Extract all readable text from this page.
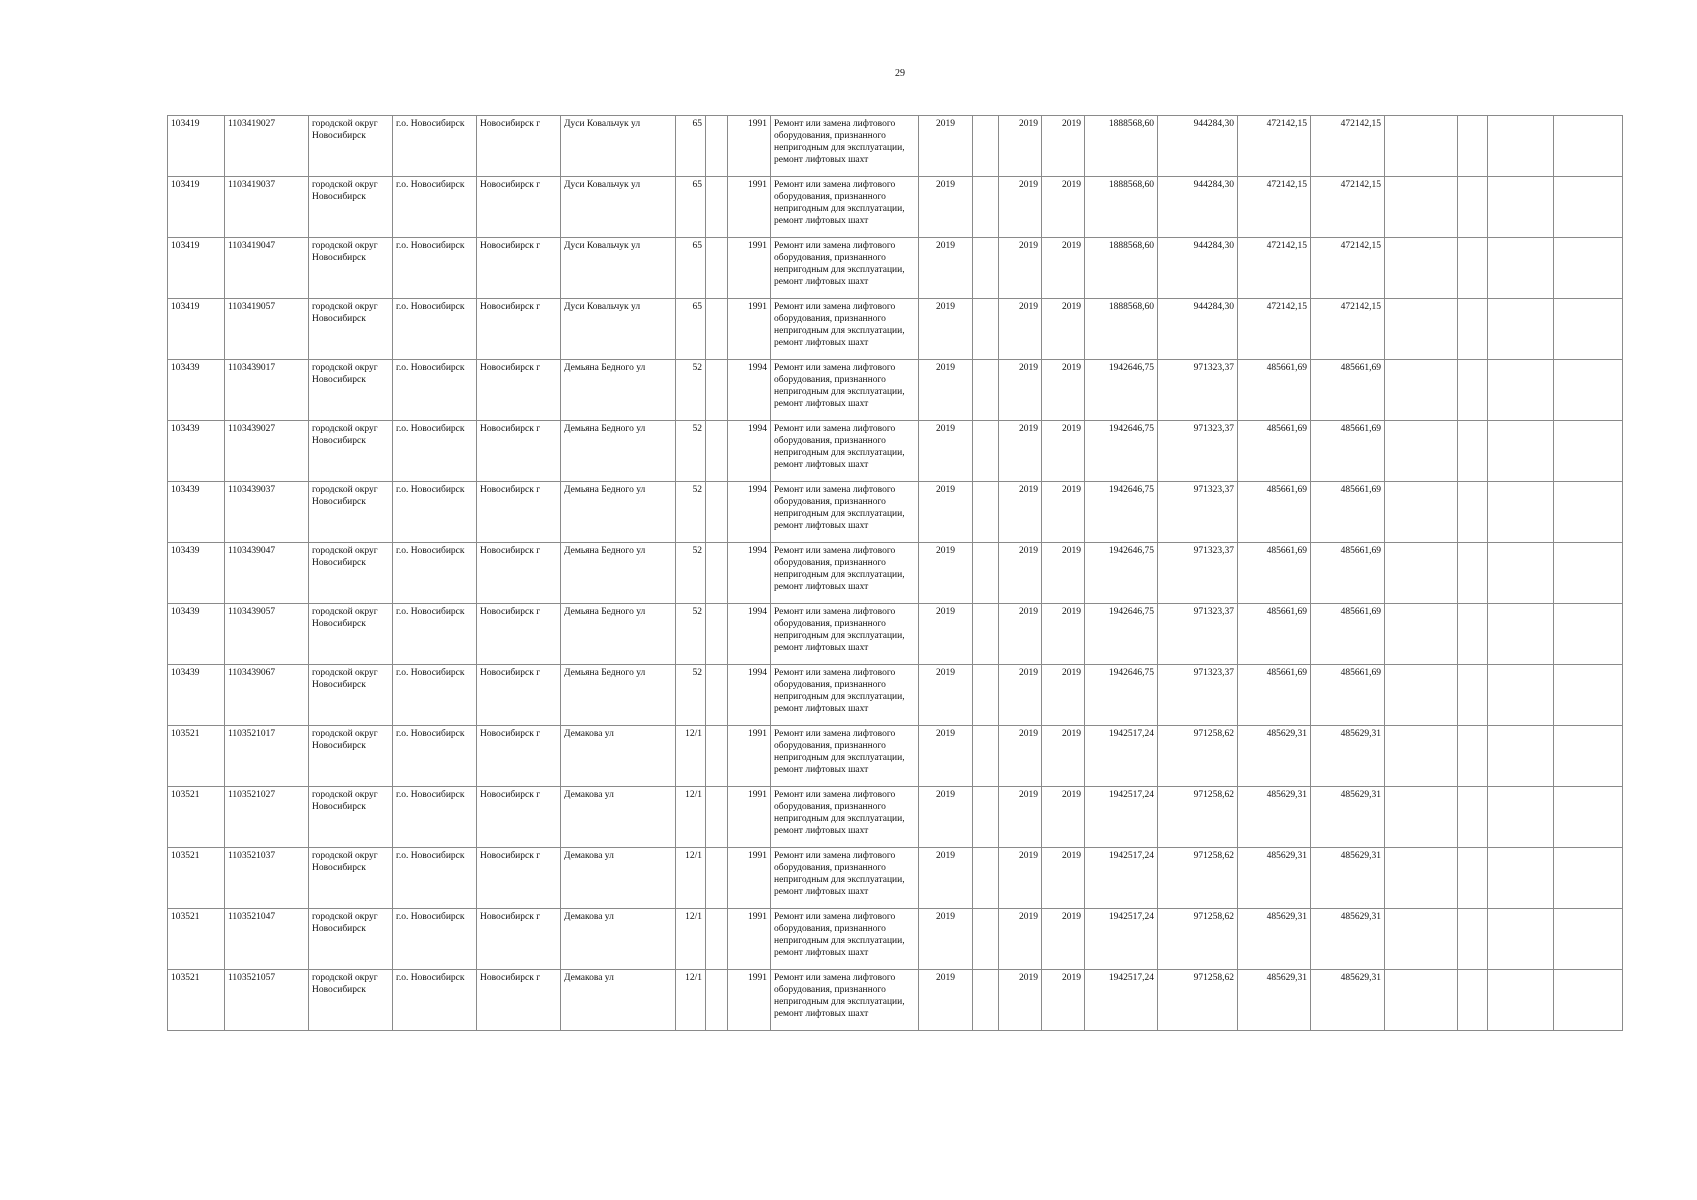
29
103419	1103419027	городской округ Новосибирск	г.о. Новосибирск	Новосибирск г	Дуси Ковальчук ул	65		1991	Ремонт или замена лифтового оборудования, признанного непригодным для эксплуатации, ремонт лифтовых шахт	2019		2019	2019	1888568,60	944284,30	472142,15	472142,15				
103419	1103419037	городской округ Новосибирск	г.о. Новосибирск	Новосибирск г	Дуси Ковальчук ул	65		1991	Ремонт или замена лифтового оборудования, признанного непригодным для эксплуатации, ремонт лифтовых шахт	2019		2019	2019	1888568,60	944284,30	472142,15	472142,15				
103419	1103419047	городской округ Новосибирск	г.о. Новосибирск	Новосибирск г	Дуси Ковальчук ул	65		1991	Ремонт или замена лифтового оборудования, признанного непригодным для эксплуатации, ремонт лифтовых шахт	2019		2019	2019	1888568,60	944284,30	472142,15	472142,15				
103419	1103419057	городской округ Новосибирск	г.о. Новосибирск	Новосибирск г	Дуси Ковальчук ул	65		1991	Ремонт или замена лифтового оборудования, признанного непригодным для эксплуатации, ремонт лифтовых шахт	2019		2019	2019	1888568,60	944284,30	472142,15	472142,15				
103439	1103439017	городской округ Новосибирск	г.о. Новосибирск	Новосибирск г	Демьяна Бедного ул	52		1994	Ремонт или замена лифтового оборудования, признанного непригодным для эксплуатации, ремонт лифтовых шахт	2019		2019	2019	1942646,75	971323,37	485661,69	485661,69				
103439	1103439027	городской округ Новосибирск	г.о. Новосибирск	Новосибирск г	Демьяна Бедного ул	52		1994	Ремонт или замена лифтового оборудования, признанного непригодным для эксплуатации, ремонт лифтовых шахт	2019		2019	2019	1942646,75	971323,37	485661,69	485661,69				
103439	1103439037	городской округ Новосибирск	г.о. Новосибирск	Новосибирск г	Демьяна Бедного ул	52		1994	Ремонт или замена лифтового оборудования, признанного непригодным для эксплуатации, ремонт лифтовых шахт	2019		2019	2019	1942646,75	971323,37	485661,69	485661,69				
103439	1103439047	городской округ Новосибирск	г.о. Новосибирск	Новосибирск г	Демьяна Бедного ул	52		1994	Ремонт или замена лифтового оборудования, признанного непригодным для эксплуатации, ремонт лифтовых шахт	2019		2019	2019	1942646,75	971323,37	485661,69	485661,69				
103439	1103439057	городской округ Новосибирск	г.о. Новосибирск	Новосибирск г	Демьяна Бедного ул	52		1994	Ремонт или замена лифтового оборудования, признанного непригодным для эксплуатации, ремонт лифтовых шахт	2019		2019	2019	1942646,75	971323,37	485661,69	485661,69				
103439	1103439067	городской округ Новосибирск	г.о. Новосибирск	Новосибирск г	Демьяна Бедного ул	52		1994	Ремонт или замена лифтового оборудования, признанного непригодным для эксплуатации, ремонт лифтовых шахт	2019		2019	2019	1942646,75	971323,37	485661,69	485661,69				
103521	1103521017	городской округ Новосибирск	г.о. Новосибирск	Новосибирск г	Демакова ул	12/1		1991	Ремонт или замена лифтового оборудования, признанного непригодным для эксплуатации, ремонт лифтовых шахт	2019		2019	2019	1942517,24	971258,62	485629,31	485629,31				
103521	1103521027	городской округ Новосибирск	г.о. Новосибирск	Новосибирск г	Демакова ул	12/1		1991	Ремонт или замена лифтового оборудования, признанного непригодным для эксплуатации, ремонт лифтовых шахт	2019		2019	2019	1942517,24	971258,62	485629,31	485629,31				
103521	1103521037	городской округ Новосибирск	г.о. Новосибирск	Новосибирск г	Демакова ул	12/1		1991	Ремонт или замена лифтового оборудования, признанного непригодным для эксплуатации, ремонт лифтовых шахт	2019		2019	2019	1942517,24	971258,62	485629,31	485629,31				
103521	1103521047	городской округ Новосибирск	г.о. Новосибирск	Новосибирск г	Демакова ул	12/1		1991	Ремонт или замена лифтового оборудования, признанного непригодным для эксплуатации, ремонт лифтовых шахт	2019		2019	2019	1942517,24	971258,62	485629,31	485629,31				
103521	1103521057	городской округ Новосибирск	г.о. Новосибирск	Новосибирск г	Демакова ул	12/1		1991	Ремонт или замена лифтового оборудования, признанного непригодным для эксплуатации, ремонт лифтовых шахт	2019		2019	2019	1942517,24	971258,62	485629,31	485629,31				
